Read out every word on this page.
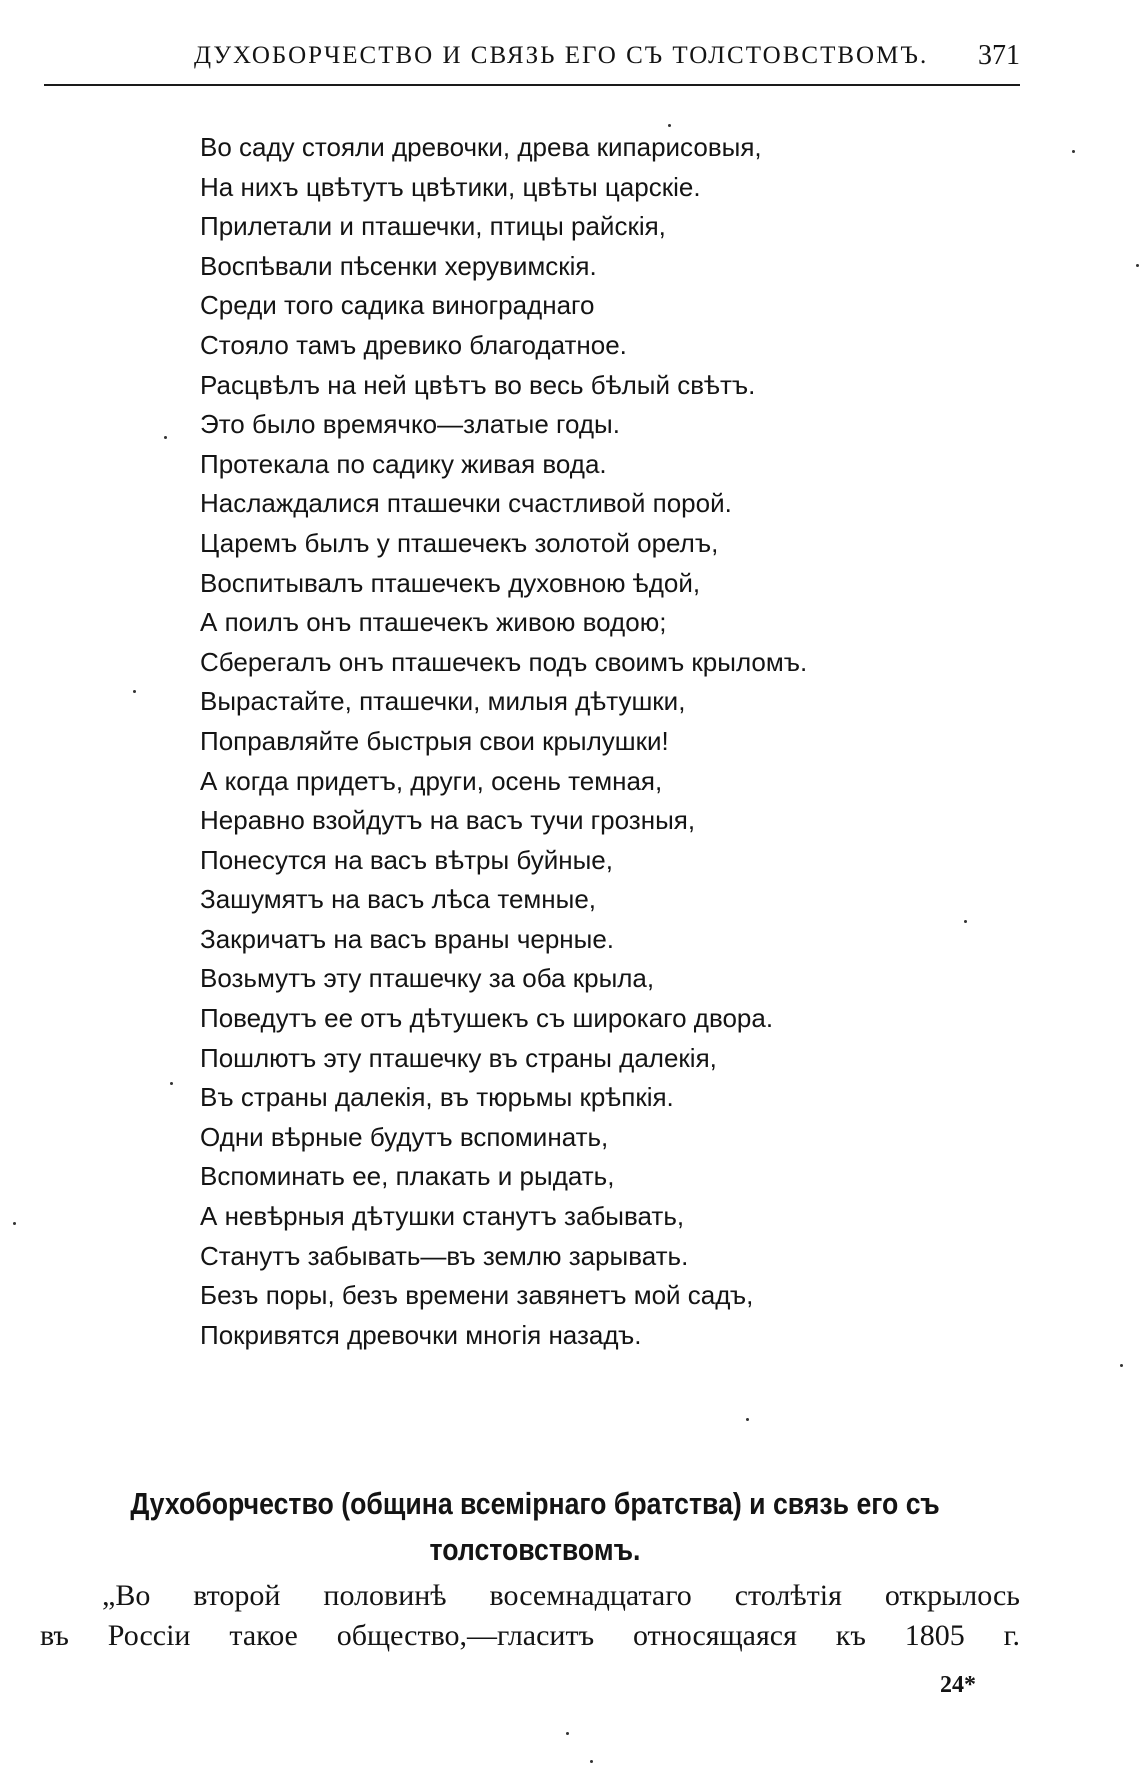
ДУХОБОРЧЕСТВО И СВЯЗЬ ЕГО СЪ ТОЛСТОВСТВОМЪ. 371
Во саду стояли древочки, древа кипарисовыя,
На нихъ цвѣтутъ цвѣтики, цвѣты царскіе.
Прилетали и пташечки, птицы райскія,
Воспѣвали пѣсенки херувимскія.
Среди того садика винограднаго
Стояло тамъ древико благодатное.
Расцвѣлъ на ней цвѣтъ во весь бѣлый свѣтъ.
Это было времячко—златые годы.
Протекала по садику живая вода.
Наслаждалися пташечки счастливой порой.
Царемъ былъ у пташечекъ золотой орелъ,
Воспитывалъ пташечекъ духовною ѣдой,
А поилъ онъ пташечекъ живою водою;
Сберегалъ онъ пташечекъ подъ своимъ крыломъ.
Вырастайте, пташечки, милыя дѣтушки,
Поправляйте быстрыя свои крылушки!
А когда придетъ, други, осень темная,
Неравно взойдутъ на васъ тучи грозныя,
Понесутся на васъ вѣтры буйные,
Зашумятъ на васъ лѣса темные,
Закричатъ на васъ враны черные.
Возьмутъ эту пташечку за оба крыла,
Поведутъ ее отъ дѣтушекъ съ широкаго двора.
Пошлютъ эту пташечку въ страны далекія,
Въ страны далекія, въ тюрьмы крѣпкія.
Одни вѣрные будутъ вспоминать,
Вспоминать ее, плакать и рыдать,
А невѣрныя дѣтушки станутъ забывать,
Станутъ забывать—въ землю зарывать.
Безъ поры, безъ времени завянетъ мой садъ,
Покривятся древочки многія назадъ.
Духоборчество (община всемірнаго братства) и связь его съ
толстовствомъ.
„Во второй половинѣ восемнадцатаго столѣтія открылось
въ Россіи такое общество,—гласитъ относящаяся къ 1805 г.
24*
